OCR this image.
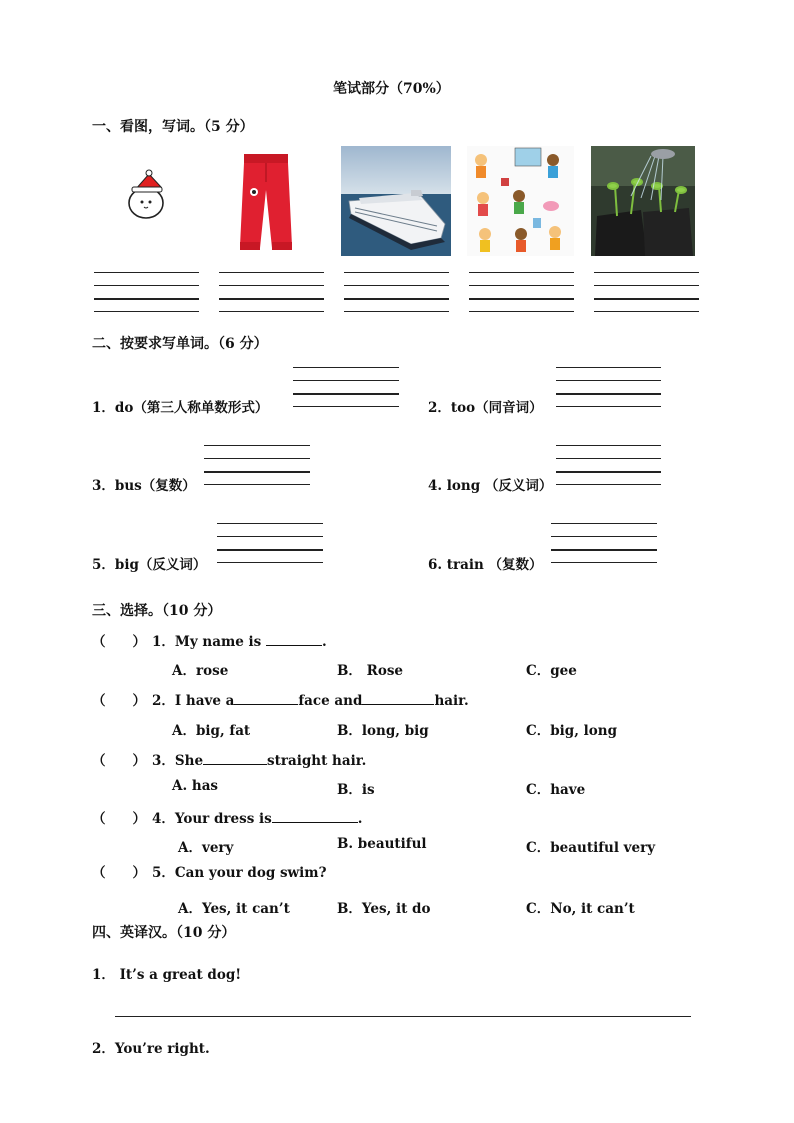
笔试部分（70%）
一、看图，写词。（5 分）
二、按要求写单词。（6 分）
1．do（第三人称单数形式）	2．too（同音词）
3．bus（复数）	4. long （反义词）
5．big（反义词）	6. train （复数）
三、选择。（10 分）
（　　） 1．My name is	.
A．rose	B． Rose	C．gee
（　　） 2．I have a	face and	hair.
A．big, fat	B．long, big	C．big, long
（　　） 3．She	straight hair.
A. has	B．is	C．have
（　　） 4．Your dress is	.
A．very	B. beautiful	C．beautiful very
（　　） 5．Can your dog swim?
A．Yes, it can’t	B．Yes, it do	C．No, it can’t
四、英译汉。（10 分）
1． It’s a great dog!
2．You’re right.
